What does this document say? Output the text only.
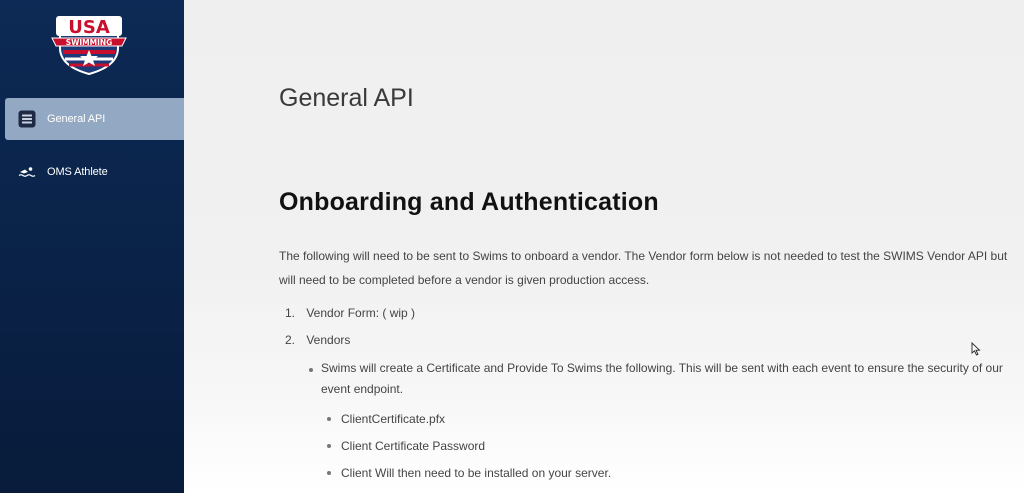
USA
SWIMMING
General API
OMS Athlete
General API
Onboarding and Authentication

The following will need to be sent to Swims to onboard a vendor. The Vendor form below is not needed to test the SWIMS Vendor API but will need to be completed before a vendor is given production access.

1. Vendor Form: ( wip )
2. Vendors

Swims will create a Certificate and Provide To Swims the following. This will be sent with each event to ensure the security of our event endpoint.

ClientCertificate.pfx
Client Certificate Password
Client Will then need to be installed on your server.
